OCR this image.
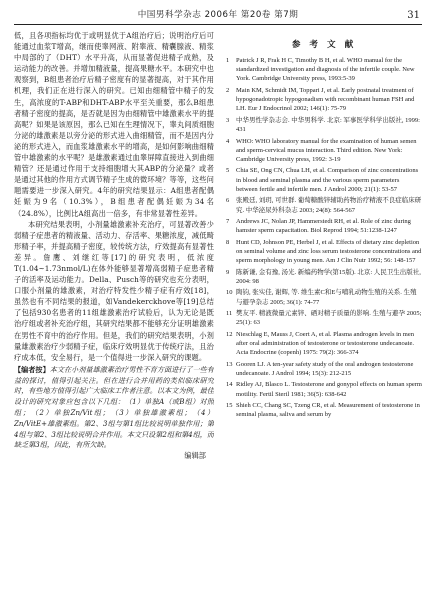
中国男科学杂志 2006年 第20卷 第7期	31

低，且各项指标均优于或明显优于A组治疗后；说明治疗后可能通过血浆T增高，继而使睾网液、附睾液、精囊腺液、精浆中局部的了（DHT）水平升高，从而显著促进精子成熟，及运动能力的改善。并增加精液量，提高果糖水平。本研究中也观察到，B组患者治疗后精子密度有的显著提高，对于其作用机理，我们正在进行深入的研究。已知由细精管中精子的发生，高浓度的T-ABP和DHT-ABP水平至关重要，那么B组患者精子密度的提高，是否就是因为由细精管中雄激素水平的提高呢？如果是该原因，那么已知在生理情况下，睾丸间质细胞分泌的雄激素是以旁分泌的形式进入曲细精管，而不是因内分泌的形式进入，而血浆雄激素水平的增高，是如何影响曲细精管中雄激素的水平呢？是雄激素通过血睾屏障直接进入到曲细精管？还是通过作用于支持细胞增大其ABP的分泌量？或者是通过其他的作用方式调节精子生成的微环境？等等，这些问题需要进一步深入研究。4年的研究结果显示：A组患者配偶妊娠为9名（10.3%），B组患者配偶妊娠为34名（24.8%），比例比A组高出一倍多，有非常显著性差异。

本研究结果表明，小剂量雄激素补充治疗，可显著改善少弱精子症患者的精液量、活动力、存活率、果糖浓度，减低畸形精子率，并提高精子密度，较传统方法，疗效提高有显著性差异。詹鹰、刘继红等[17]的研究表明，低浓度T(1.04~1.73nmol/L)在体外能够显著增高弱精子症患者精子的活率及运动能力。Della、Pusch等的研究也充分表明，口服小剂量的雄激素，对治疗特发性少精子症有疗效[18]，虽然也有不同结果的报道，如Vandekerckhove等[19]总结了包括930名患者的11组雄激素治疗试验后，认为无论是既治疗组或者补充治疗组，其研究结果都不能够充分证明雄激素在男性不育中的治疗作用。但是，我们的研究结果表明，小剂量雄激素治疗少弱精子症，临床疗效明显优于传统疗法，且治疗成本低，安全易行，是一个值得进一步深入研究的课题。

【编者按】本文在小剂量雄激素治疗男性不育方面进行了一些有益的探讨，值得引起关注。但在进行合并用药的类似临床研究时，有些地方值得引起广大临床工作者注意。以本文为例，最佳设计的研究对象应包含以下几组：（1）单独A（或B组）对照组；（2）单独Zn/Vit组；（3）单独雄激素组；（4）Zn/VitE+雄激素组。第2、3组与第1组比较说明单独作用；第4组与第2、3组比较说明合并作用。本文只设第2组和第4组，而缺乏第3组，因此，有所欠缺。
编辑部
参 考 文 献
1	Patrick J R, Frak H C, Timothy B H, et al. WHO manual for the standardized investigation and diagnosis of the infertile couple. New York. Cambridge University press, 1993:5-39
2	Main KM, Schmidt IM, Toppari J, et al. Early postnatal treatment of hypogonadotropic hypogonadism with recombinant human FSH and LH. Eur J Endocrinol 2002; 146(1): 75-79
3	中华男性学杂志会. 中华男科学. 北京: 军事医学科学出版社, 1999: 431
4	WHO: WHO laboratory manual for the examination of human semen and sperm-cervical mucus interaction. Third edition. New York: Cambridge University press, 1992: 3-19
5	Chia SE, Ong CN, Chua LH, et al. Comparison of zinc concentrations in blood and seminal plasma and the various sperm parameters between fertile and infertile men. J Androl 2000; 21(1): 53-57
6	张殿廷, 刘玥, 可世群. 葡萄糖酸锌辅助药物治疗精液不良症临床研究. 中华泌尿外科杂志 2003; 24(8): 564-567
7	Andrews JC, Nolan JP, Hammerstedt RH, et al. Role of zinc during hamster sperm capacitation. Biol Reprod 1994; 51:1238-1247
8	Hunt CD, Johnson PE, Herbel J, et al. Effects of dietary zinc depletion on seminal volume and zinc loss serum testosterone concentrations and sperm morphology in young men. Am J Clin Nutr 1992; 56: 148-157
9	陈新谦, 金有豫, 汤光. 新编药物学(第15版). 北京: 人民卫生出版社, 2004: 98
10 陶钧, 张实佳, 谢辉, 等. 维生素C和E与哺乳动物生殖的关系. 生殖与避孕杂志 2005; 36(1): 74-77
11 樊友平. 精液微量元素锌、硒对精子质量的影响. 生殖与避孕 2005; 25(1): 63
12 Nieschlag E, Mauss J, Coert A, et al. Plasma androgen levels in men after oral administration of testosterone or testosterone undecanoate. Acta Endocrine (copenh) 1975: 79(2): 366-374
13 Gooren LJ. A ten-year safety study of the oral androgen testosterone undecanoate. J Androl 1994; 15(3): 212-215
14 Ridley AJ, Blasco L. Testosterone and gonypol effects on human sperm motility. Fertil Steril 1981; 36(5): 638-642
15 Shieh CC, Chang SC, Tzeng CR, et al. Measurement of testosterone in seminal plasma, saliva and serum by
